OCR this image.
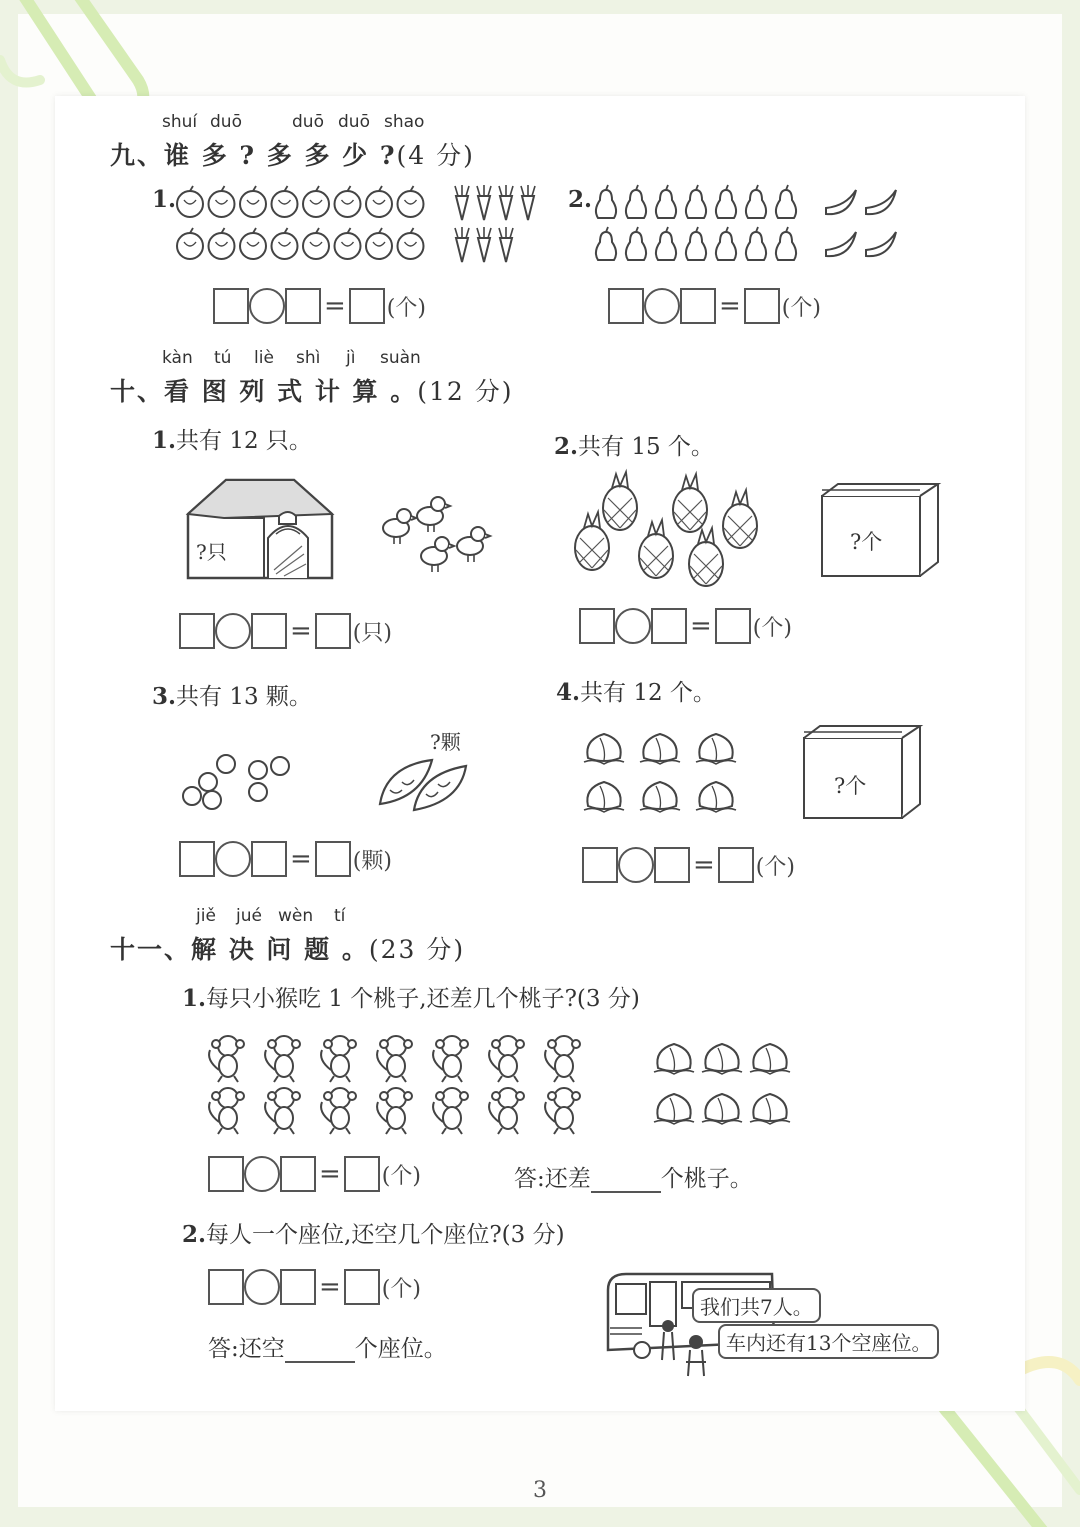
shuí duō	duō duō shao
九、谁 多 ? 多 多 少 ?(4 分)
1.	2.
= (个)	= (个)
kàn tú liè shì jì suàn
十、看 图 列 式 计 算 。(12 分)
1.共有 12 只。
?只
= (只)
2.共有 15 个。
?个
= (个)
3.共有 13 颗。
?颗
= (颗)
4.共有 12 个。
?个
= (个)
jiě jué wèn tí
十一、解 决 问 题 。(23 分)
1.每只小猴吃 1 个桃子,还差几个桃子?(3 分)
= (个)	答:还差	个桃子。
2.每人一个座位,还空几个座位?(3 分)
= (个)
答:还空	个座位。
我们共7人。
车内还有13个空座位。
3
